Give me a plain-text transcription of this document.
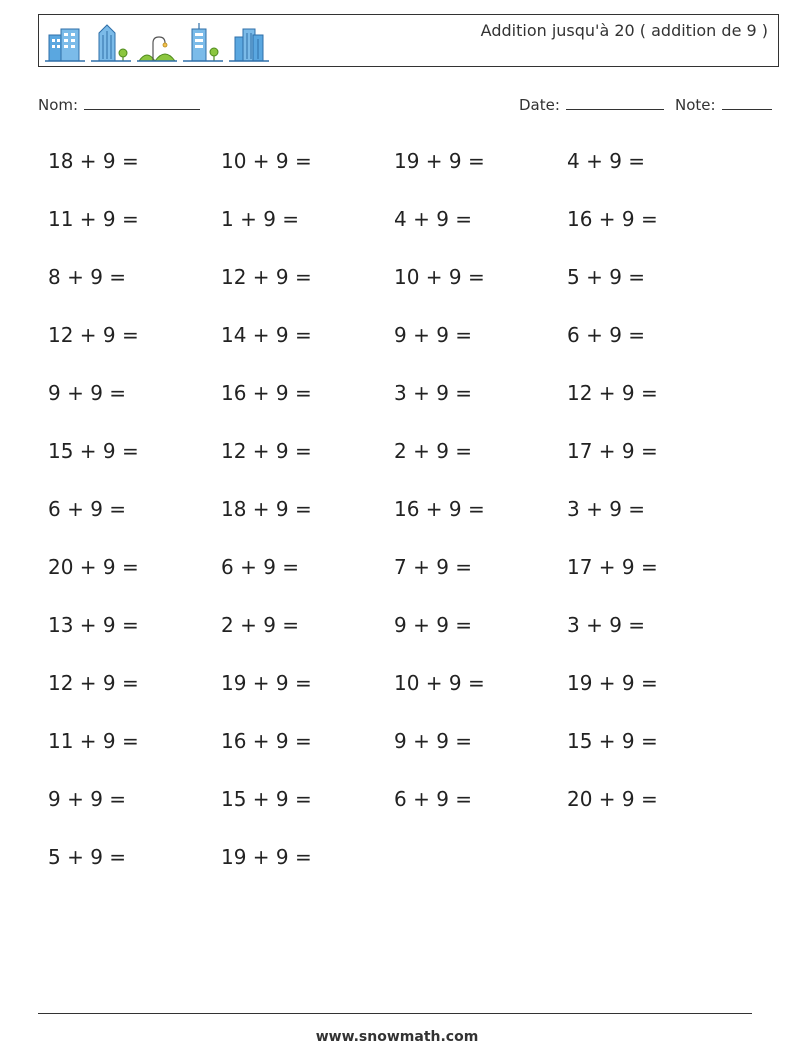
Addition jusqu'à 20 ( addition de 9 )
Nom:	Date:	Note:
18 + 9 =
11 + 9 =
8 + 9 =
12 + 9 =
9 + 9 =
15 + 9 =
6 + 9 =
20 + 9 =
13 + 9 =
12 + 9 =
11 + 9 =
9 + 9 =
5 + 9 =
10 + 9 =
1 + 9 =
12 + 9 =
14 + 9 =
16 + 9 =
12 + 9 =
18 + 9 =
6 + 9 =
2 + 9 =
19 + 9 =
16 + 9 =
15 + 9 =
19 + 9 =
19 + 9 =
4 + 9 =
10 + 9 =
9 + 9 =
3 + 9 =
2 + 9 =
16 + 9 =
7 + 9 =
9 + 9 =
10 + 9 =
9 + 9 =
6 + 9 =
4 + 9 =
16 + 9 =
5 + 9 =
6 + 9 =
12 + 9 =
17 + 9 =
3 + 9 =
17 + 9 =
3 + 9 =
19 + 9 =
15 + 9 =
20 + 9 =
www.snowmath.com
